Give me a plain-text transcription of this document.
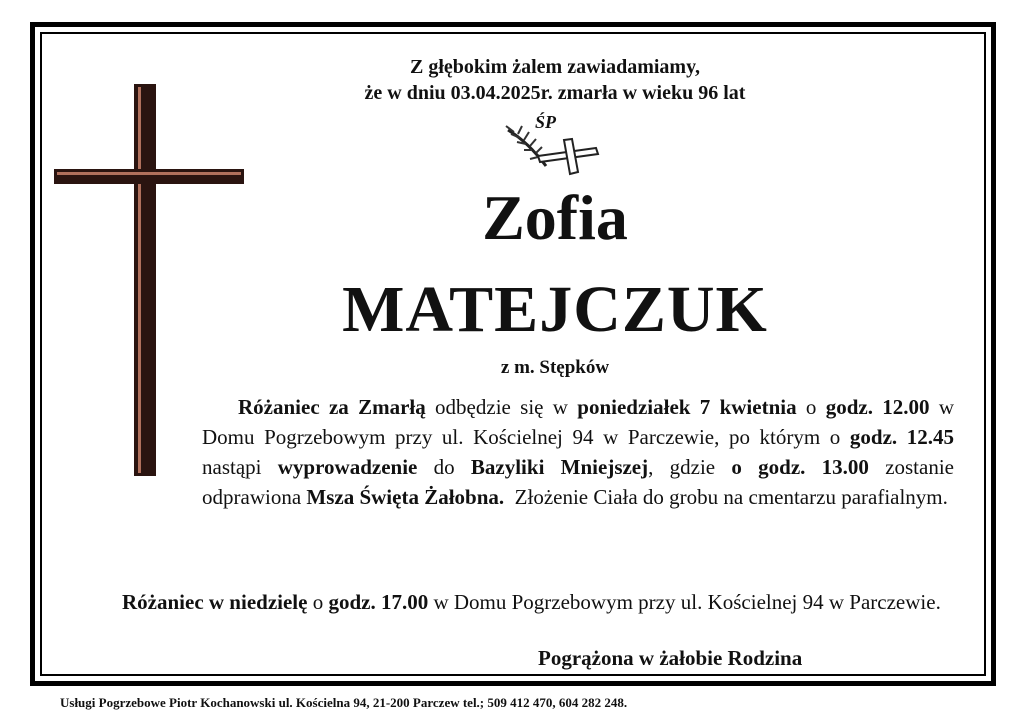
Z głębokim żalem zawiadamiamy,
że w dniu 03.04.2025r. zmarła w wieku 96 lat
ŚP
Zofia
MATEJCZUK
z m. Stępków

Różaniec za Zmarłą odbędzie się w poniedziałek 7 kwietnia o godz. 12.00 w Domu Pogrzebowym przy ul. Kościelnej 94 w Parczewie, po którym o godz. 12.45 nastąpi wyprowadzenie do Bazyliki Mniejszej, gdzie o godz. 13.00 zostanie odprawiona Msza Święta Żałobna.  Złożenie Ciała do grobu na cmentarzu parafialnym.

Różaniec w niedzielę o godz. 17.00 w Domu Pogrzebowym przy ul. Kościelnej 94 w Parczewie.

Pogrążona w żałobie Rodzina
Usługi Pogrzebowe Piotr Kochanowski ul. Kościelna 94, 21-200 Parczew tel.; 509 412 470, 604 282 248.
